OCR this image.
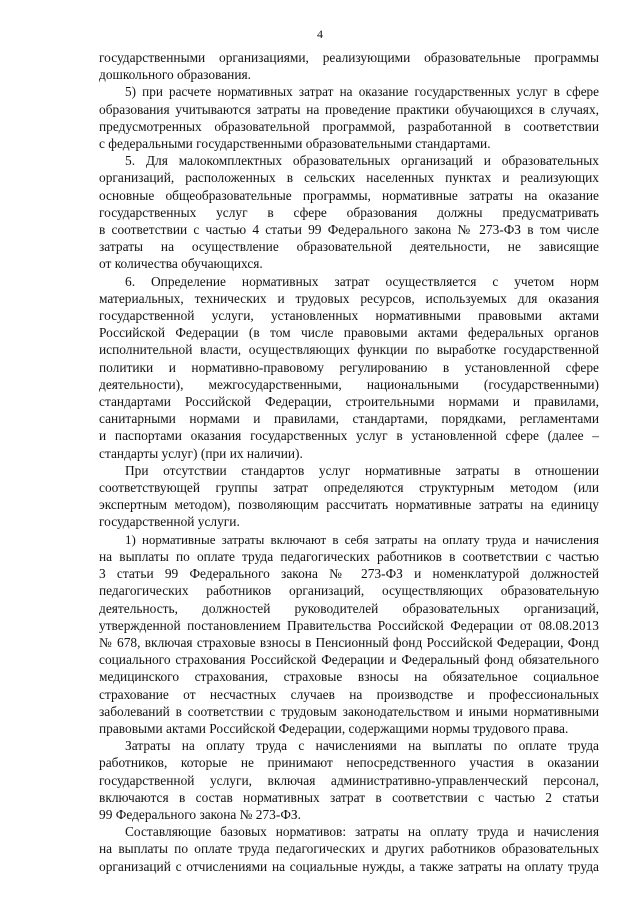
4
государственными организациями, реализующими образовательные программы
дошкольного образования.
5) при расчете нормативных затрат на оказание государственных услуг в сфере
образования учитываются затраты на проведение практики обучающихся в случаях,
предусмотренных образовательной программой, разработанной в соответствии
с федеральными государственными образовательными стандартами.
5. Для малокомплектных образовательных организаций и образовательных
организаций, расположенных в сельских населенных пунктах и реализующих
основные общеобразовательные программы, нормативные затраты на оказание
государственных услуг в сфере образования должны предусматривать
в соответствии с частью 4 статьи 99 Федерального закона № 273-ФЗ в том числе
затраты на осуществление образовательной деятельности, не зависящие
от количества обучающихся.
6. Определение нормативных затрат осуществляется с учетом норм
материальных, технических и трудовых ресурсов, используемых для оказания
государственной услуги, установленных нормативными правовыми актами
Российской Федерации (в том числе правовыми актами федеральных органов
исполнительной власти, осуществляющих функции по выработке государственной
политики и нормативно-правовому регулированию в установленной сфере
деятельности), межгосударственными, национальными (государственными)
стандартами Российской Федерации, строительными нормами и правилами,
санитарными нормами и правилами, стандартами, порядками, регламентами
и паспортами оказания государственных услуг в установленной сфере (далее –
стандарты услуг) (при их наличии).
При отсутствии стандартов услуг нормативные затраты в отношении
соответствующей группы затрат определяются структурным методом (или
экспертным методом), позволяющим рассчитать нормативные затраты на единицу
государственной услуги.
1) нормативные затраты включают в себя затраты на оплату труда и начисления
на выплаты по оплате труда педагогических работников в соответствии с частью
3 статьи 99 Федерального закона № 273-ФЗ и номенклатурой должностей
педагогических работников организаций, осуществляющих образовательную
деятельность, должностей руководителей образовательных организаций,
утвержденной постановлением Правительства Российской Федерации от 08.08.2013
№ 678, включая страховые взносы в Пенсионный фонд Российской Федерации, Фонд
социального страхования Российской Федерации и Федеральный фонд обязательного
медицинского страхования, страховые взносы на обязательное социальное
страхование от несчастных случаев на производстве и профессиональных
заболеваний в соответствии с трудовым законодательством и иными нормативными
правовыми актами Российской Федерации, содержащими нормы трудового права.
Затраты на оплату труда с начислениями на выплаты по оплате труда
работников, которые не принимают непосредственного участия в оказании
государственной услуги, включая административно-управленческий персонал,
включаются в состав нормативных затрат в соответствии с частью 2 статьи
99 Федерального закона № 273-ФЗ.
Составляющие базовых нормативов: затраты на оплату труда и начисления
на выплаты по оплате труда педагогических и других работников образовательных
организаций с отчислениями на социальные нужды, а также затраты на оплату труда
